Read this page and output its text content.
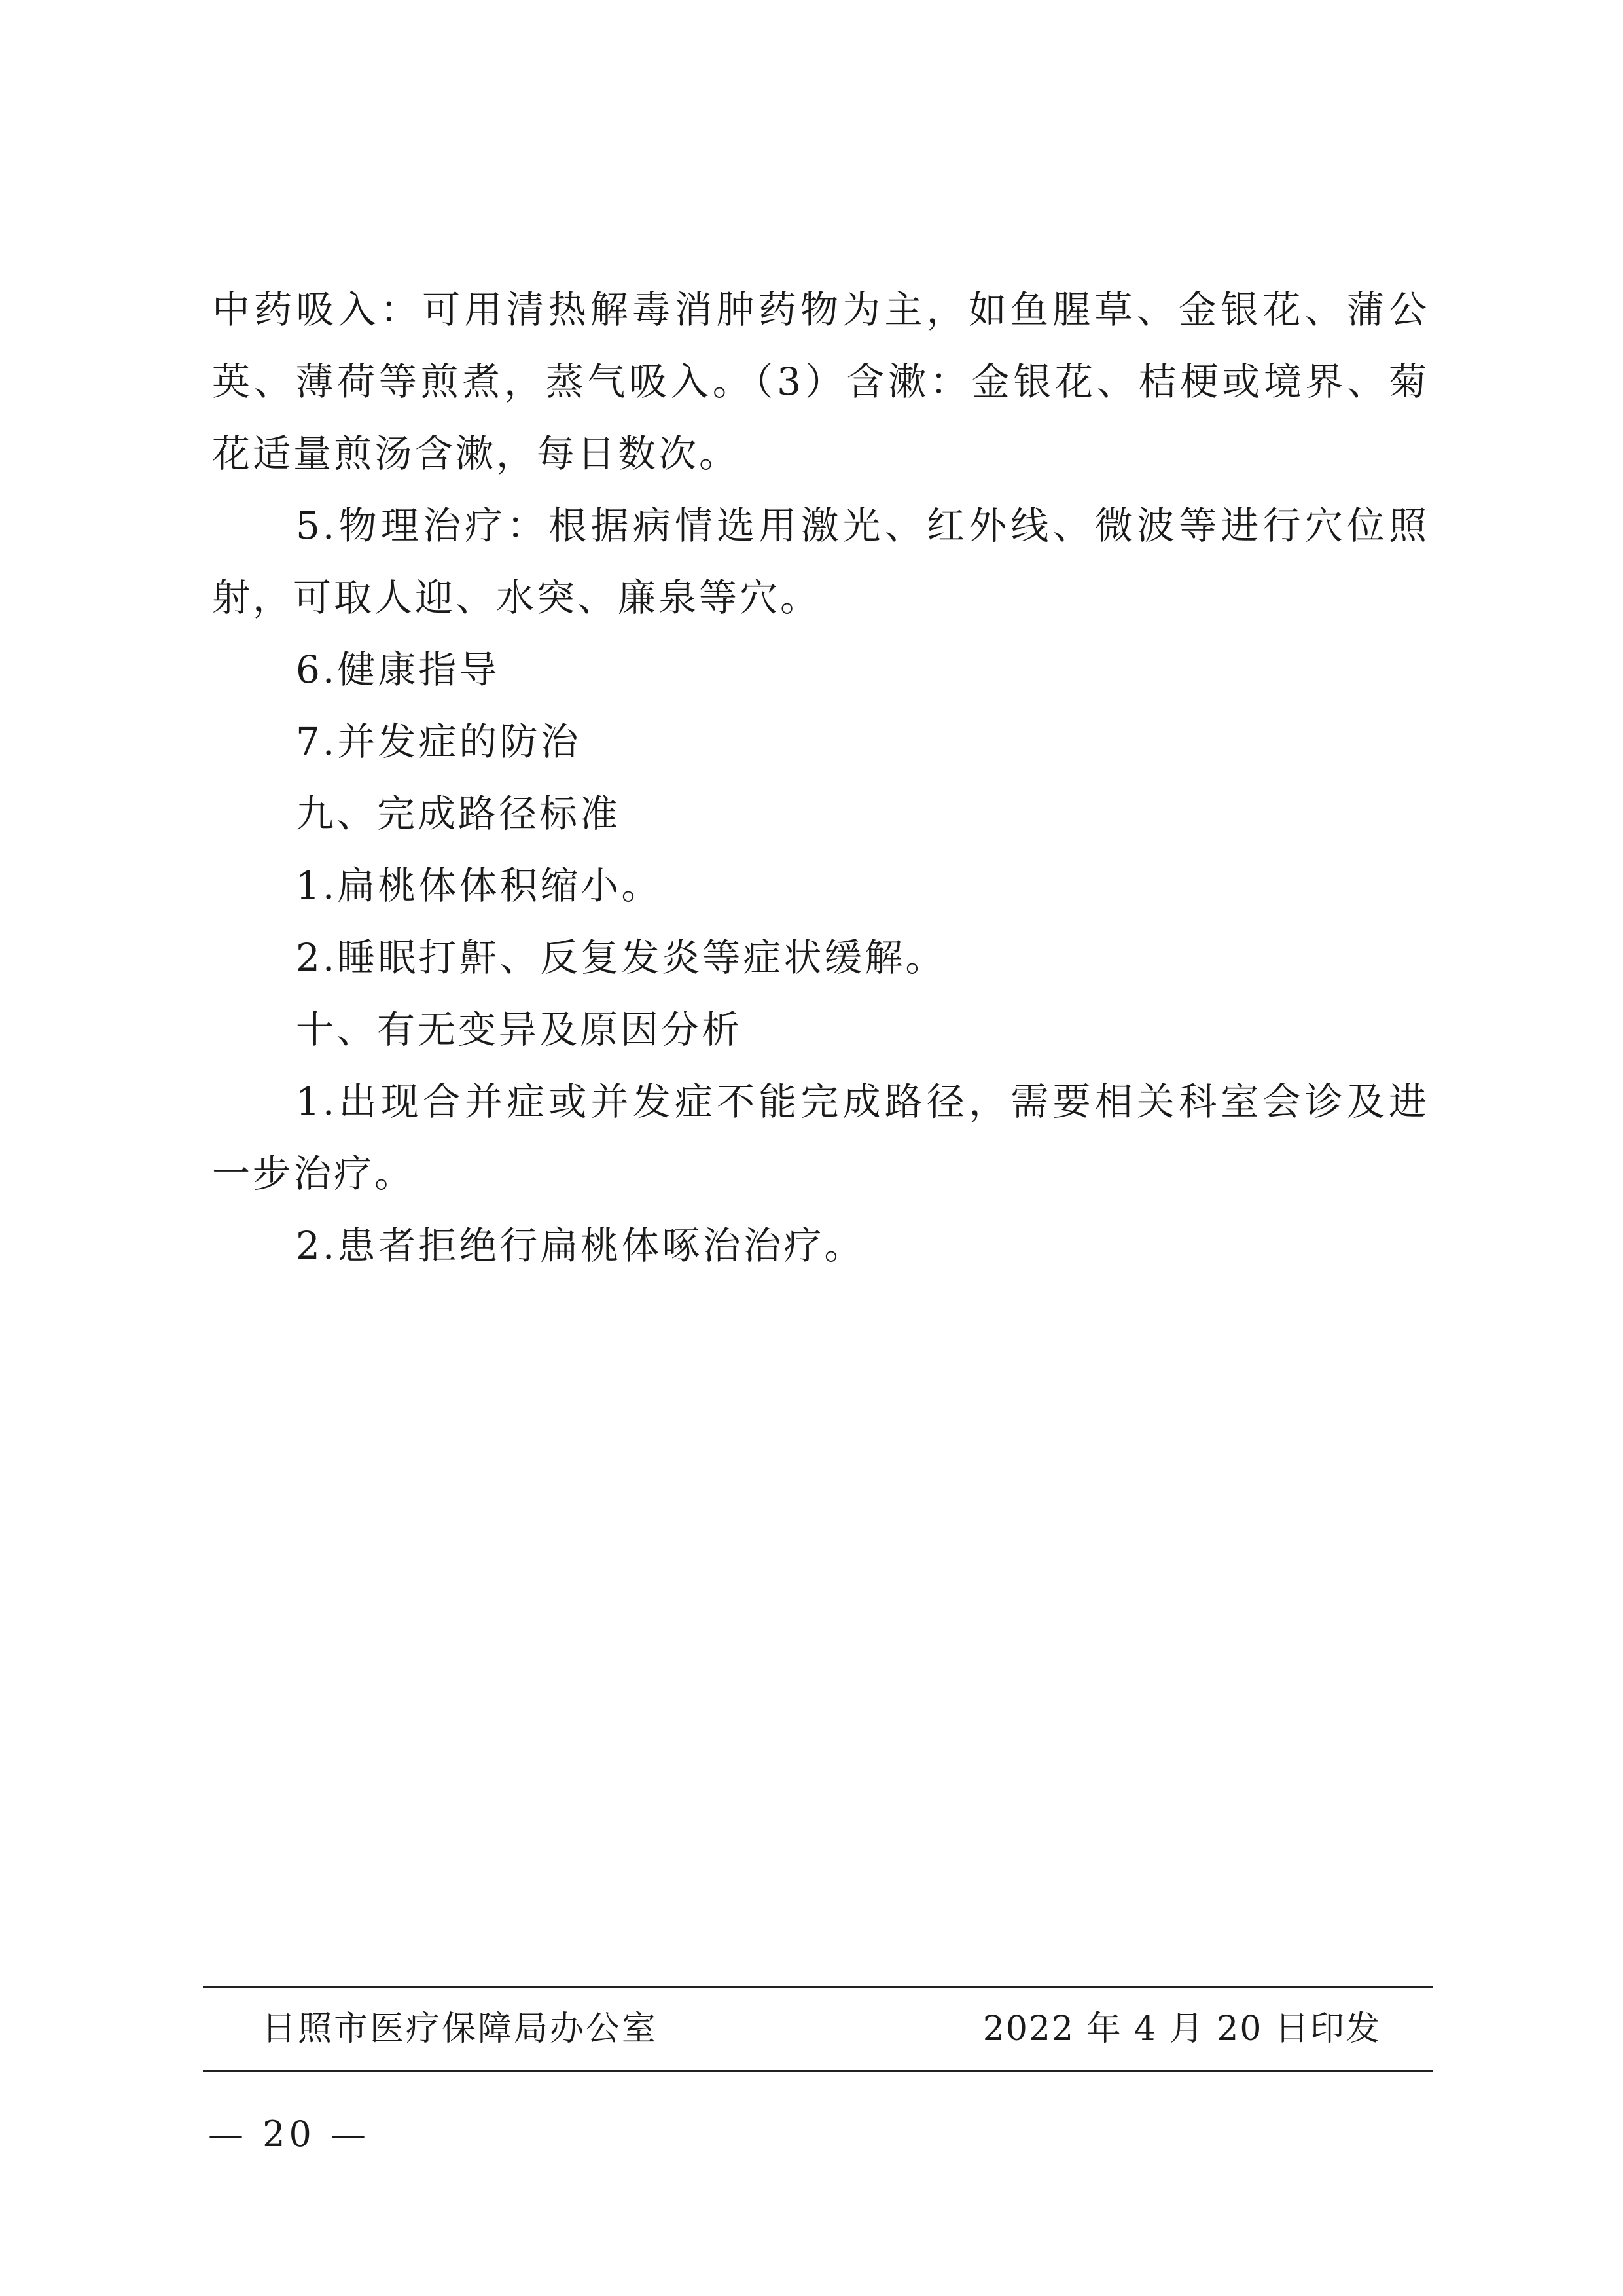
中药吸入：可用清热解毒消肿药物为主，如鱼腥草、金银花、蒲公英、薄荷等煎煮，蒸气吸入。（3）含漱：金银花、桔梗或境界、菊花适量煎汤含漱，每日数次。

5.物理治疗：根据病情选用激光、红外线、微波等进行穴位照射，可取人迎、水突、廉泉等穴。

6.健康指导

7.并发症的防治

九、完成路径标准

1.扁桃体体积缩小。

2.睡眠打鼾、反复发炎等症状缓解。

十、有无变异及原因分析

1.出现合并症或并发症不能完成路径，需要相关科室会诊及进一步治疗。

2.患者拒绝行扁桃体啄治治疗。

日照市医疗保障局办公室	2022 年 4 月 20 日印发
— 20 —
